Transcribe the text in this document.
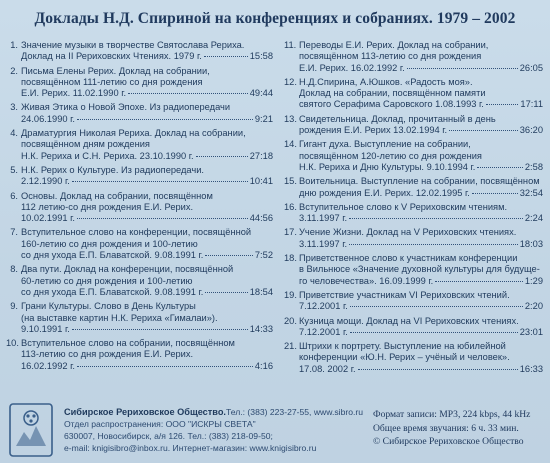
Доклады Н.Д. Спириной на конференциях и собраниях. 1979 – 2002
1. Значение музыки в творчестве Святослава Рериха.
Доклад на II Рериховских Чтениях. 1979 г.	15:58
2. Письма Елены Рерих. Доклад на собрании,
посвящённом 111-летию со дня рождения
Е.И. Рерих. 11.02.1990 г.	49:44
3. Живая Этика о Новой Эпохе. Из радиопередачи
24.06.1990 г.	9:21
4. Драматургия Николая Рериха. Доклад на собрании,
посвящённом дням рождения
Н.К. Рериха и С.Н. Рериха. 23.10.1990 г.	27:18
5. Н.К. Рерих о Культуре. Из радиопередачи.
2.12.1990 г.	10:41
6. Основы. Доклад на собрании, посвящённом
112 летию-со дня рождения Е.И. Рерих.
10.02.1991 г.	44:56
7. Вступительное слово на конференции, посвящённой
160-летию со дня рождения и 100-летию
со дня ухода Е.П. Блаватской. 9.08.1991 г.	7:52
8. Два пути. Доклад на конференции, посвящённой
60-летию со дня рождения и 100-летию
со дня ухода Е.П. Блаватской. 9.08.1991 г.	18:54
9. Грани Культуры. Слово в День Культуры
(на выставке картин Н.К. Рериха «Гималаи»).
9.10.1991 г.	14:33
10. Вступительное слово на собрании, посвящённом
113-летию со дня рождения Е.И. Рерих.
16.02.1992 г.	4:16
11. Переводы Е.И. Рерих. Доклад на собрании,
посвящённом 113-летию со дня рождения
Е.И. Рерих. 16.02.1992 г.	26:05
12. Н.Д.Спирина, А.Юшков. «Радость моя».
Доклад на собрании, посвящённом памяти
святого Серафима Саровского 1.08.1993 г.	17:11
13. Свидетельница. Доклад, прочитанный в день
рождения Е.И. Рерих 13.02.1994 г.	36:20
14. Гигант духа. Выступление на собрании,
посвящённом 120-летию со дня рождения
Н.К. Рериха и Дню Культуры. 9.10.1994 г.	2:58
15. Воительница. Выступление на собрании, посвящённом
дню рождения Е.И. Рерих. 12.02.1995 г.	32:54
16. Вступительное слово к V Рериховским чтениям.
3.11.1997 г.	2:24
17. Учение Жизни. Доклад на V Рериховских чтениях.
3.11.1997 г.	18:03
18. Приветственное слово к участникам конференции
в Вильнюсе «Значение духовной культуры для будуще-
го человечества». 16.09.1999 г.	1:29
19. Приветствие участникам VI Рериховских чтений.
7.12.2001 г.	2:20
20. Кузница мощи. Доклад на VI Рериховских чтениях.
7.12.2001 г.	23:01
21. Штрихи к портрету. Выступление на юбилейной
конференции «Ю.Н. Рерих – учёный и человек».
17.08. 2002 г.	16:33
Сибирское Рериховское Общество.Тел.: (383) 223-27-55, www.sibro.ru
Отдел распространения: ООО "ИСКРЫ СВЕТА"
630007, Новосибирск, а/я 126. Тел.: (383) 218-09-50;
e-mail: knigisibro@inbox.ru. Интернет-магазин: www.knigisibro.ru
Формат записи: MP3, 224 kbps, 44 kHz
Общее время звучания: 6 ч. 33 мин.
© Сибирское Рериховское Общество
